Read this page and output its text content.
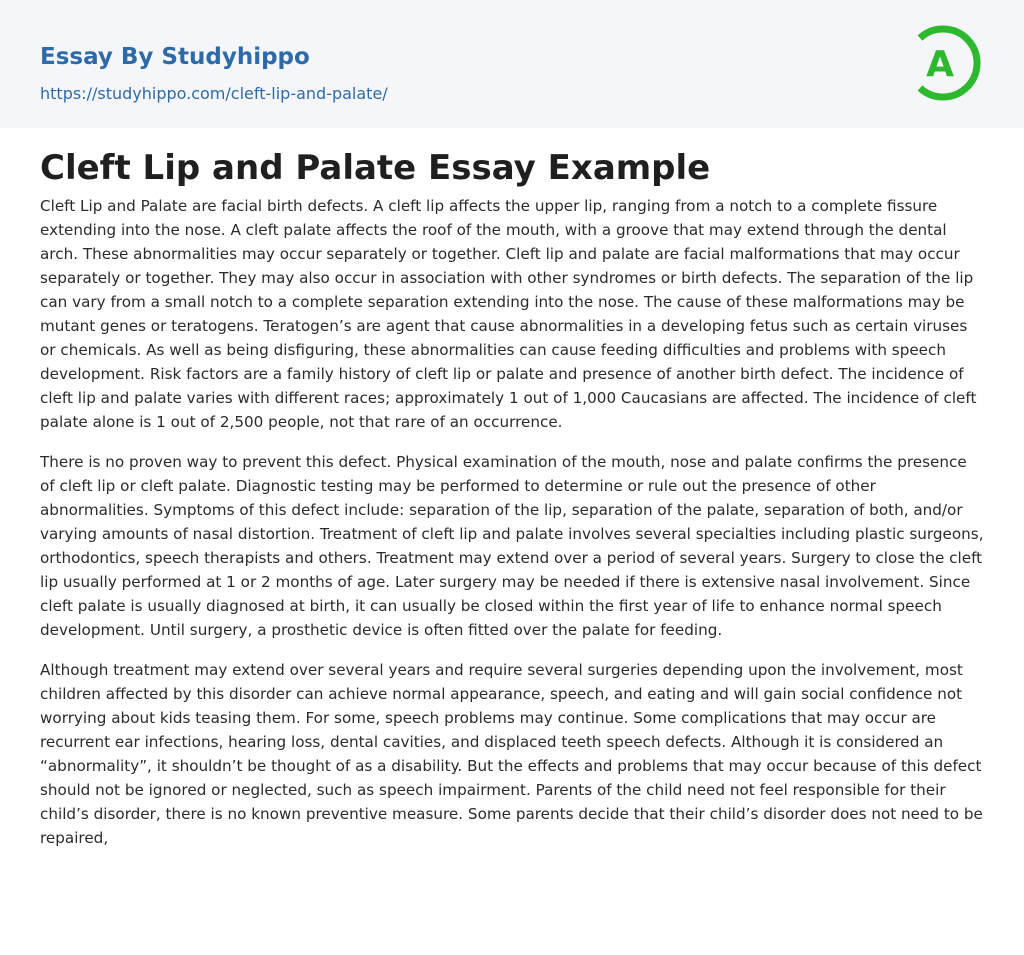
Essay By Studyhippo
https://studyhippo.com/cleft-lip-and-palate/
A
Cleft Lip and Palate Essay Example

Cleft Lip and Palate are facial birth defects. A cleft lip affects the upper lip, ranging from a notch to a complete fissure extending into the nose. A cleft palate affects the roof of the mouth, with a groove that may extend through the dental arch. These abnormalities may occur separately or together. Cleft lip and palate are facial malformations that may occur separately or together. They may also occur in association with other syndromes or birth defects. The separation of the lip can vary from a small notch to a complete separation extending into the nose. The cause of these malformations may be mutant genes or teratogens. Teratogen’s are agent that cause abnormalities in a developing fetus such as certain viruses or chemicals. As well as being disfiguring, these abnormalities can cause feeding difficulties and problems with speech development. Risk factors are a family history of cleft lip or palate and presence of another birth defect. The incidence of cleft lip and palate varies with different races; approximately 1 out of 1,000 Caucasians are affected. The incidence of cleft palate alone is 1 out of 2,500 people, not that rare of an occurrence.

There is no proven way to prevent this defect. Physical examination of the mouth, nose and palate confirms the presence of cleft lip or cleft palate. Diagnostic testing may be performed to determine or rule out the presence of other abnormalities. Symptoms of this defect include: separation of the lip, separation of the palate, separation of both, and/or varying amounts of nasal distortion. Treatment of cleft lip and palate involves several specialties including plastic surgeons, orthodontics, speech therapists and others. Treatment may extend over a period of several years. Surgery to close the cleft lip usually performed at 1 or 2 months of age. Later surgery may be needed if there is extensive nasal involvement. Since cleft palate is usually diagnosed at birth, it can usually be closed within the first year of life to enhance normal speech development. Until surgery, a prosthetic device is often fitted over the palate for feeding.

Although treatment may extend over several years and require several surgeries depending upon the involvement, most children affected by this disorder can achieve normal appearance, speech, and eating and will gain social confidence not worrying about kids teasing them. For some, speech problems may continue. Some complications that may occur are recurrent ear infections, hearing loss, dental cavities, and displaced teeth speech defects. Although it is considered an “abnormality”, it shouldn’t be thought of as a disability. But the effects and problems that may occur because of this defect should not be ignored or neglected, such as speech impairment. Parents of the child need not feel responsible for their child’s disorder, there is no known preventive measure. Some parents decide that their child’s disorder does not need to be repaired,
